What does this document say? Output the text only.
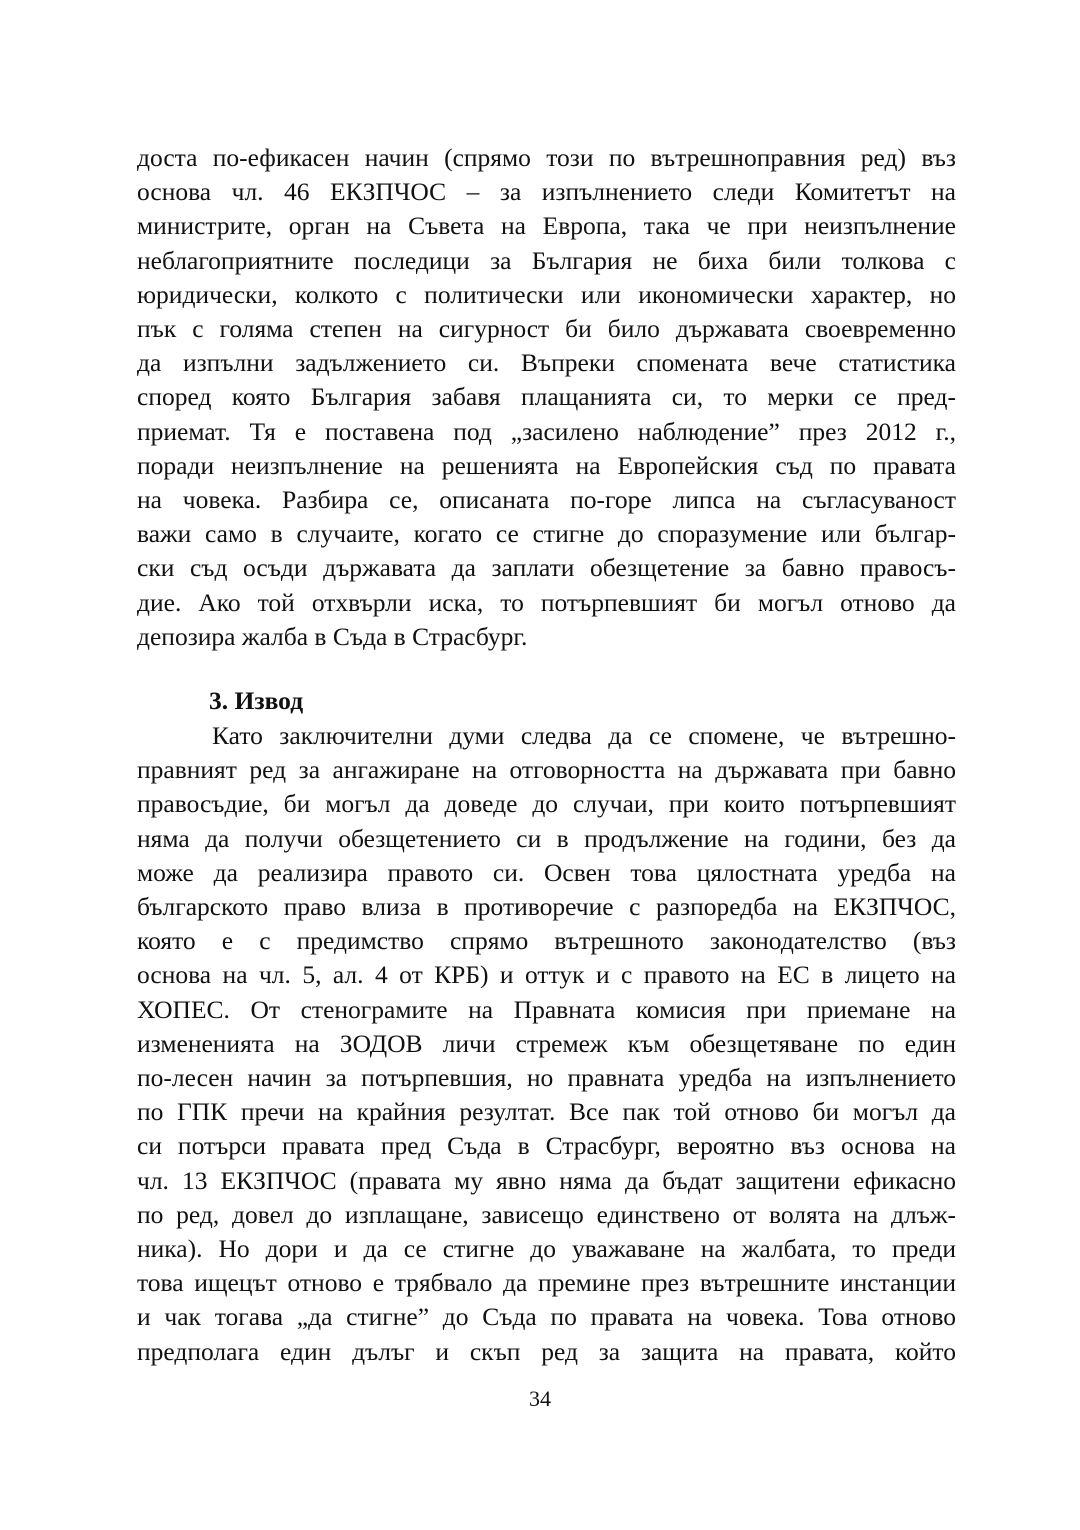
доста по-ефикасен начин (спрямо този по вътрешноправния ред) въз
основа чл. 46 ЕКЗПЧОС – за изпълнението следи Комитетът на
министрите, орган на Съвета на Европа, така че при неизпълнение
неблагоприятните последици за България не биха били толкова с
юридически, колкото с политически или икономически характер, но
пък с голяма степен на сигурност би било държавата своевременно
да изпълни задължението си. Въпреки спомената вече статистика
според която България забавя плащанията си, то мерки се пред-
приемат. Тя е поставена под „засилено наблюдение” през 2012 г.,
поради неизпълнение на решенията на Европейския съд по правата
на човека. Разбира се, описаната по-горе липса на съгласуваност
важи само в случаите, когато се стигне до споразумение или българ-
ски съд осъди държавата да заплати обезщетение за бавно правосъ-
дие. Ако той отхвърли иска, то потърпевшият би могъл отново да
депозира жалба в Съда в Страсбург.
3. Извод
Като заключителни думи следва да се спомене, че вътрешно-
правният ред за ангажиране на отговорността на държавата при бавно
правосъдие, би могъл да доведе до случаи, при които потърпевшият
няма да получи обезщетението си в продължение на години, без да
може да реализира правото си. Освен това цялостната уредба на
българското право влиза в противоречие с разпоредба на ЕКЗПЧОС,
която е с предимство спрямо вътрешното законодателство (въз
основа на чл. 5, ал. 4 от КРБ) и оттук и с правото на ЕС в лицето на
ХОПЕС. От стенограмите на Правната комисия при приемане на
измененията на ЗОДОВ личи стремеж към обезщетяване по един
по-лесен начин за потърпевшия, но правната уредба на изпълнението
по ГПК пречи на крайния резултат. Все пак той отново би могъл да
си потърси правата пред Съда в Страсбург, вероятно въз основа на
чл. 13 ЕКЗПЧОС (правата му явно няма да бъдат защитени ефикасно
по ред, довел до изплащане, зависещо единствено от волята на длъж-
ника). Но дори и да се стигне до уважаване на жалбата, то преди
това ищецът отново е трябвало да премине през вътрешните инстанции
и чак тогава „да стигне” до Съда по правата на човека. Това отново
предполага един дълъг и скъп ред за защита на правата, който
34
